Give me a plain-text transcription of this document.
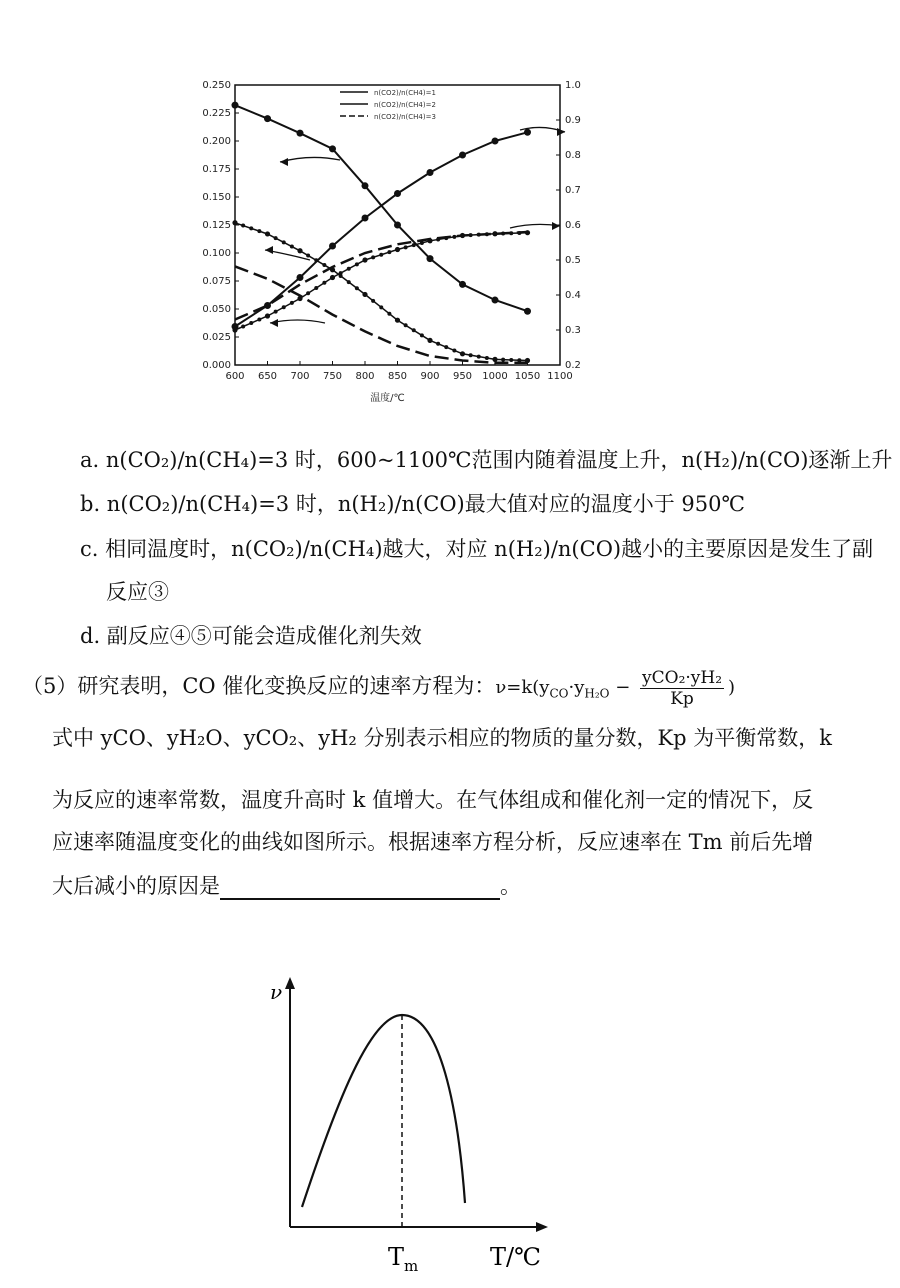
600 650 700 750 800 850 900 950 1000 1050 1100
0.000
0.025
0.050
0.075
0.100
0.125
0.150
0.175
0.200
0.225
0.250
0.2
0.3
0.4
0.5
0.6
0.7
0.8
0.9
1.0
温度/℃
n(CO2)/n(CH4)=1
n(CO2)/n(CH4)=2
n(CO2)/n(CH4)=3
a. n(CO₂)/n(CH₄)=3 时，600~1100℃范围内随着温度上升，n(H₂)/n(CO)逐渐上升
b. n(CO₂)/n(CH₄)=3 时，n(H₂)/n(CO)最大值对应的温度小于 950℃
c. 相同温度时，n(CO₂)/n(CH₄)越大，对应 n(H₂)/n(CO)越小的主要原因是发生了副
反应③
d. 副反应④⑤可能会造成催化剂失效
（5）研究表明，CO 催化变换反应的速率方程为：$\nu=k(y_{CO}\cdot y_{H_2O} - \frac{\text{yCO₂·yH₂}}{Kp}$ )
式中 yCO、yH₂O、yCO₂、yH₂ 分别表示相应的物质的量分数，Kp 为平衡常数，k
为反应的速率常数，温度升高时 k 值增大。在气体组成和催化剂一定的情况下，反
应速率随温度变化的曲线如图所示。根据速率方程分析，反应速率在 Tm 前后先增
大后减小的原因是	。
ν
T/℃
T m
